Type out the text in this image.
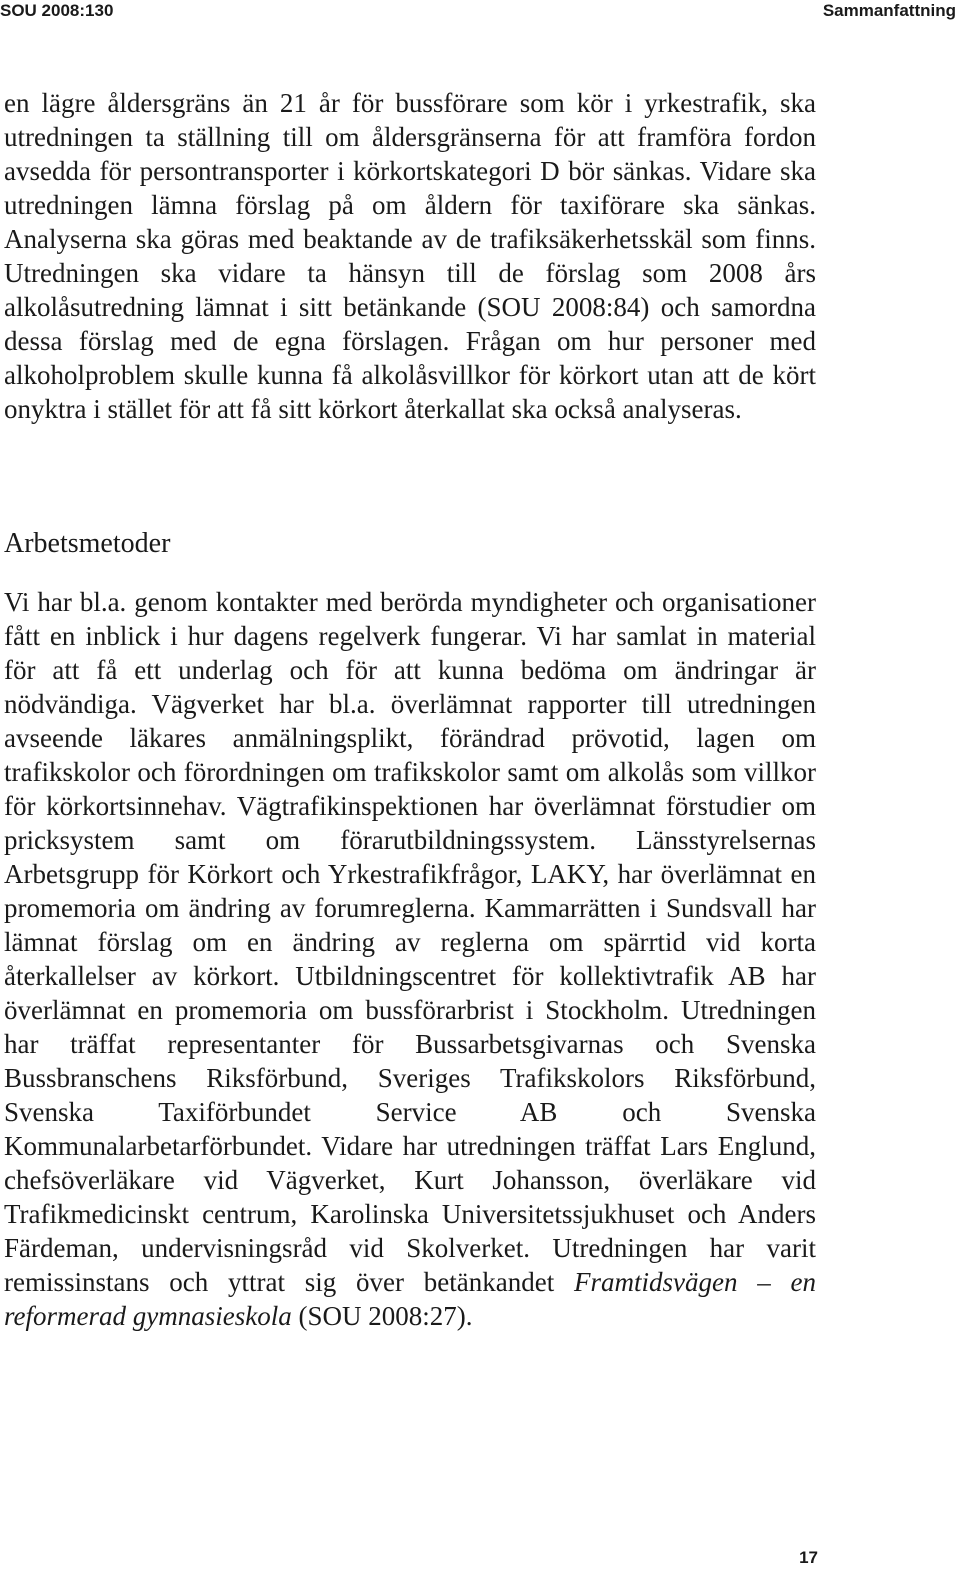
SOU 2008:130	Sammanfattning

en lägre åldersgräns än 21 år för bussförare som kör i yrkestrafik, ska utredningen ta ställning till om åldersgränserna för att framföra fordon avsedda för persontransporter i körkortskategori D bör sänkas. Vidare ska utredningen lämna förslag på om åldern för taxiförare ska sänkas. Analyserna ska göras med beaktande av de trafiksäkerhetsskäl som finns. Utredningen ska vidare ta hänsyn till de förslag som 2008 års alkolåsutredning lämnat i sitt betänkande (SOU 2008:84) och samordna dessa förslag med de egna förslagen. Frågan om hur personer med alkoholproblem skulle kunna få alkolåsvillkor för körkort utan att de kört onyktra i stället för att få sitt körkort återkallat ska också analyseras.

Arbetsmetoder

Vi har bl.a. genom kontakter med berörda myndigheter och organisationer fått en inblick i hur dagens regelverk fungerar. Vi har samlat in material för att få ett underlag och för att kunna bedöma om ändringar är nödvändiga. Vägverket har bl.a. överlämnat rapporter till utredningen avseende läkares anmälningsplikt, förändrad prövotid, lagen om trafikskolor och förordningen om trafikskolor samt om alkolås som villkor för körkortsinnehav. Vägtrafikinspektionen har överlämnat förstudier om pricksystem samt om förarutbildningssystem. Länsstyrelsernas Arbetsgrupp för Körkort och Yrkestrafikfrågor, LAKY, har överlämnat en promemoria om ändring av forumreglerna. Kammarrätten i Sundsvall har lämnat förslag om en ändring av reglerna om spärrtid vid korta återkallelser av körkort. Utbildningscentret för kollektivtrafik AB har överlämnat en promemoria om bussförarbrist i Stockholm. Utredningen har träffat representanter för Bussarbetsgivarnas och Svenska Bussbranschens Riksförbund, Sveriges Trafikskolors Riksförbund, Svenska Taxiförbundet Service AB och Svenska Kommunalarbetarförbundet. Vidare har utredningen träffat Lars Englund, chefsöverläkare vid Vägverket, Kurt Johansson, överläkare vid Trafikmedicinskt centrum, Karolinska Universitetssjukhuset och Anders Färdeman, undervisningsråd vid Skolverket. Utredningen har varit remissinstans och yttrat sig över betänkandet Framtidsvägen – en reformerad gymnasieskola (SOU 2008:27).

17
